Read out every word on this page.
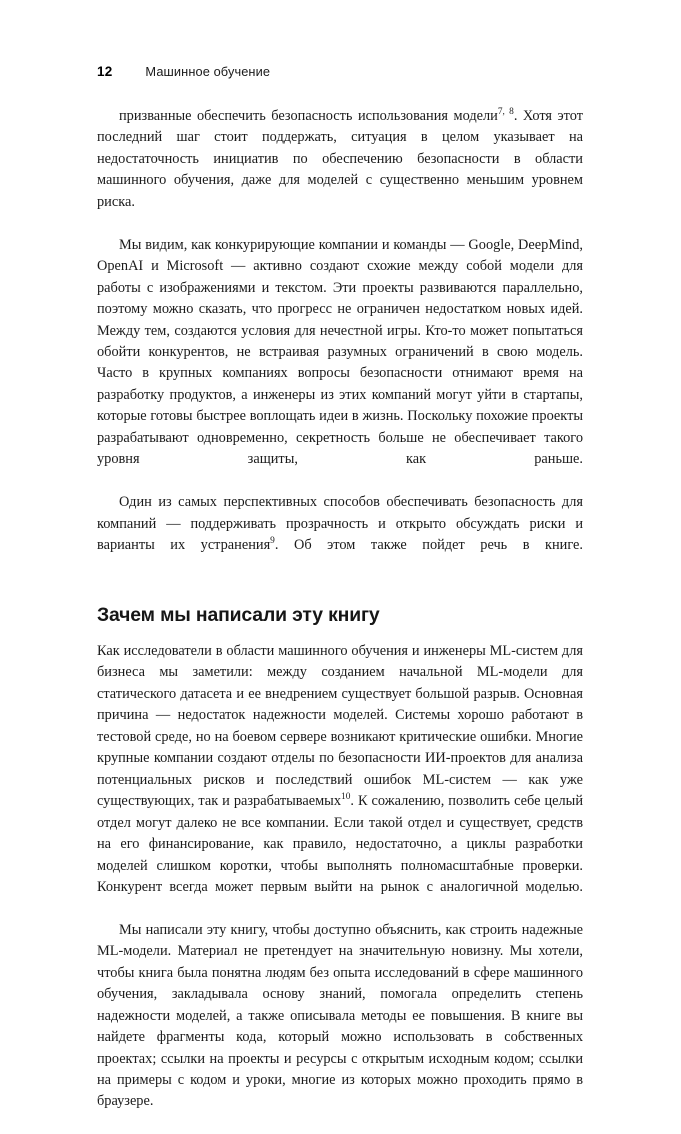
12	Машинное обучение

призванные обеспечить безопасность использования модели$^{7, 8}$. Хотя этот последний шаг стоит поддержать, ситуация в целом указывает на недостаточность инициатив по обеспечению безопасности в области машинного обучения, даже для моделей с существенно меньшим уровнем риска.

Мы видим, как конкурирующие компании и команды — Google, DeepMind, OpenAI и Microsoft — активно создают схожие между собой модели для работы с изображениями и текстом. Эти проекты развиваются параллельно, поэтому можно сказать, что прогресс не ограничен недостатком новых идей. Между тем, создаются условия для нечестной игры. Кто-то может попытаться обойти конкурентов, не встраивая разумных ограничений в свою модель. Часто в крупных компаниях вопросы безопасности отнимают время на разработку продуктов, а инженеры из этих компаний могут уйти в стартапы, которые готовы быстрее воплощать идеи в жизнь. Поскольку похожие проекты разрабатывают одновременно, секретность больше не обеспечивает такого уровня защиты, как раньше.

Один из самых перспективных способов обеспечивать безопасность для компаний — поддерживать прозрачность и открыто обсуждать риски и варианты их устранения$^9$. Об этом также пойдет речь в книге.

Зачем мы написали эту книгу

Как исследователи в области машинного обучения и инженеры ML-систем для бизнеса мы заметили: между созданием начальной ML-модели для статического датасета и ее внедрением существует большой разрыв. Основная причина — недостаток надежности моделей. Системы хорошо работают в тестовой среде, но на боевом сервере возникают критические ошибки. Многие крупные компании создают отделы по безопасности ИИ-проектов для анализа потенциальных рисков и последствий ошибок ML-систем — как уже существующих, так и разрабатываемых$^{10}$. К сожалению, позволить себе целый отдел могут далеко не все компании. Если такой отдел и существует, средств на его финансирование, как правило, недостаточно, а циклы разработки моделей слишком коротки, чтобы выполнять полномасштабные проверки. Конкурент всегда может первым выйти на рынок с аналогичной моделью.

Мы написали эту книгу, чтобы доступно объяснить, как строить надежные ML-модели. Материал не претендует на значительную новизну. Мы хотели, чтобы книга была понятна людям без опыта исследований в сфере машинного обучения, закладывала основу знаний, помогала определить степень надежности моделей, а также описывала методы ее повышения. В книге вы найдете фрагменты кода, который можно использовать в собственных проектах; ссылки на проекты и ресурсы с открытым исходным кодом; ссылки на примеры с кодом и уроки, многие из которых можно проходить прямо в браузере.
